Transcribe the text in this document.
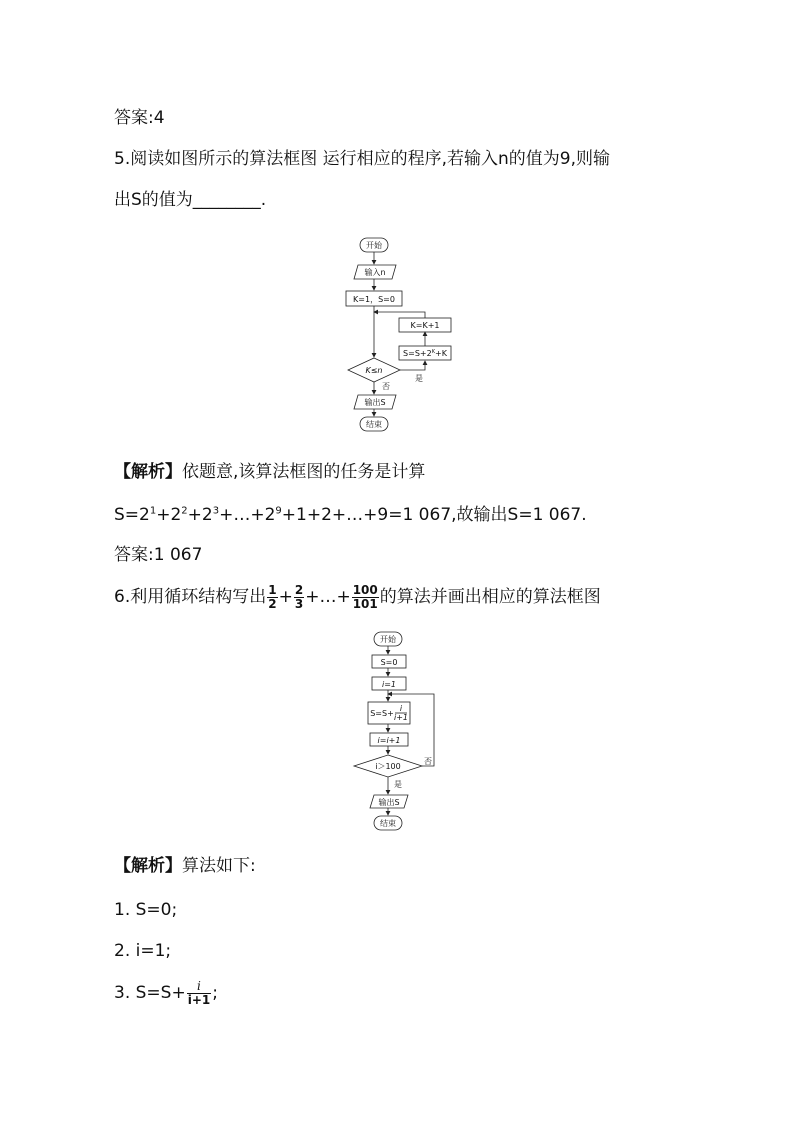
答案:4
5.阅读如图所示的算法框图 运行相应的程序,若输入n的值为9,则输
出S的值为________.
开始
输入n
K=1，S=0
K=K+1
$S=S+2^K+K$
K≤n
是
否
输出S
结束
【解析】依题意,该算法框图的任务是计算
$S=2^1+2^2+2^3+\dots+2^9+1+2+\dots+9=1$ 067,故输出S=1 067.
答案:1 067
6.利用循环结构写出 $\frac{1}{2} + \frac{2}{3}$ +…+ $\frac{100}{101}$ 的算法并画出相应的算法框图
开始
S=0
i=1
S=S+
i
i+1
i=i+1
i＞100
否
是
输出S
结束
【解析】算法如下:
1. S=0;
2. i=1;
3. $S=S+ \frac{i}{i+1}$ ;
